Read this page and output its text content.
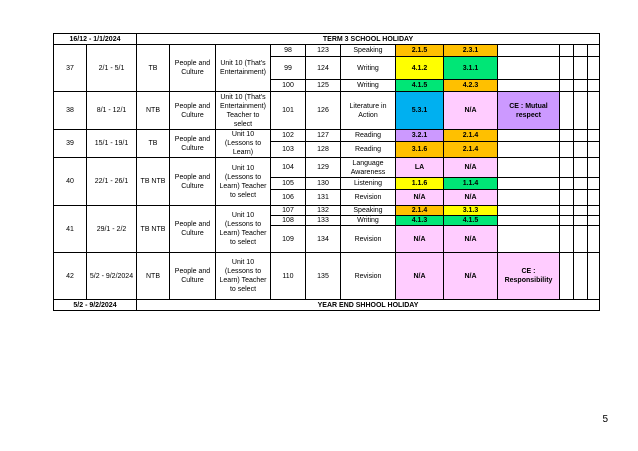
16/12 - 1/1/2024		TERM 3 SCHOOL HOLIDAY											
37	2/1 - 5/1	TB	People and Culture	Unit 10 (That's Entertainment)	98	123	Speaking	2.1.5	2.3.1				
					99	124	Writing	4.1.2	3.1.1				
					100	125	Writing	4.1.5	4.2.3				
38	8/1 - 12/1	NTB	People and Culture	Unit 10 (That's Entertainment) Teacher to select	101	126	Literature in Action	5.3.1	N/A	CE : Mutual respect			
39	15/1 - 19/1	TB	People and Culture	Unit 10 (Lessons to Learn)	102	127	Reading	3.2.1	2.1.4				
					103	128	Reading	3.1.6	2.1.4				
40	22/1 - 26/1	TB NTB	People and Culture	Unit 10 (Lessons to Learn) Teacher to select	104	129	Language Awareness	LA	N/A				
					105	130	Listening	1.1.6	1.1.4				
					106	131	Revision	N/A	N/A				
41	29/1 - 2/2	TB NTB	People and Culture	Unit 10 (Lessons to Learn) Teacher to select	107	132	Speaking	2.1.4	3.1.3				
					108	133	Writing	4.1.3	4.1.5				
					109	134	Revision	N/A	N/A				
42	5/2 - 9/2/2024	NTB	People and Culture	Unit 10 (Lessons to Learn) Teacher to select	110	135	Revision	N/A	N/A	CE : Responsibility			
5/2 - 9/2/2024		YEAR END SHHOOL HOLIDAY											
5
